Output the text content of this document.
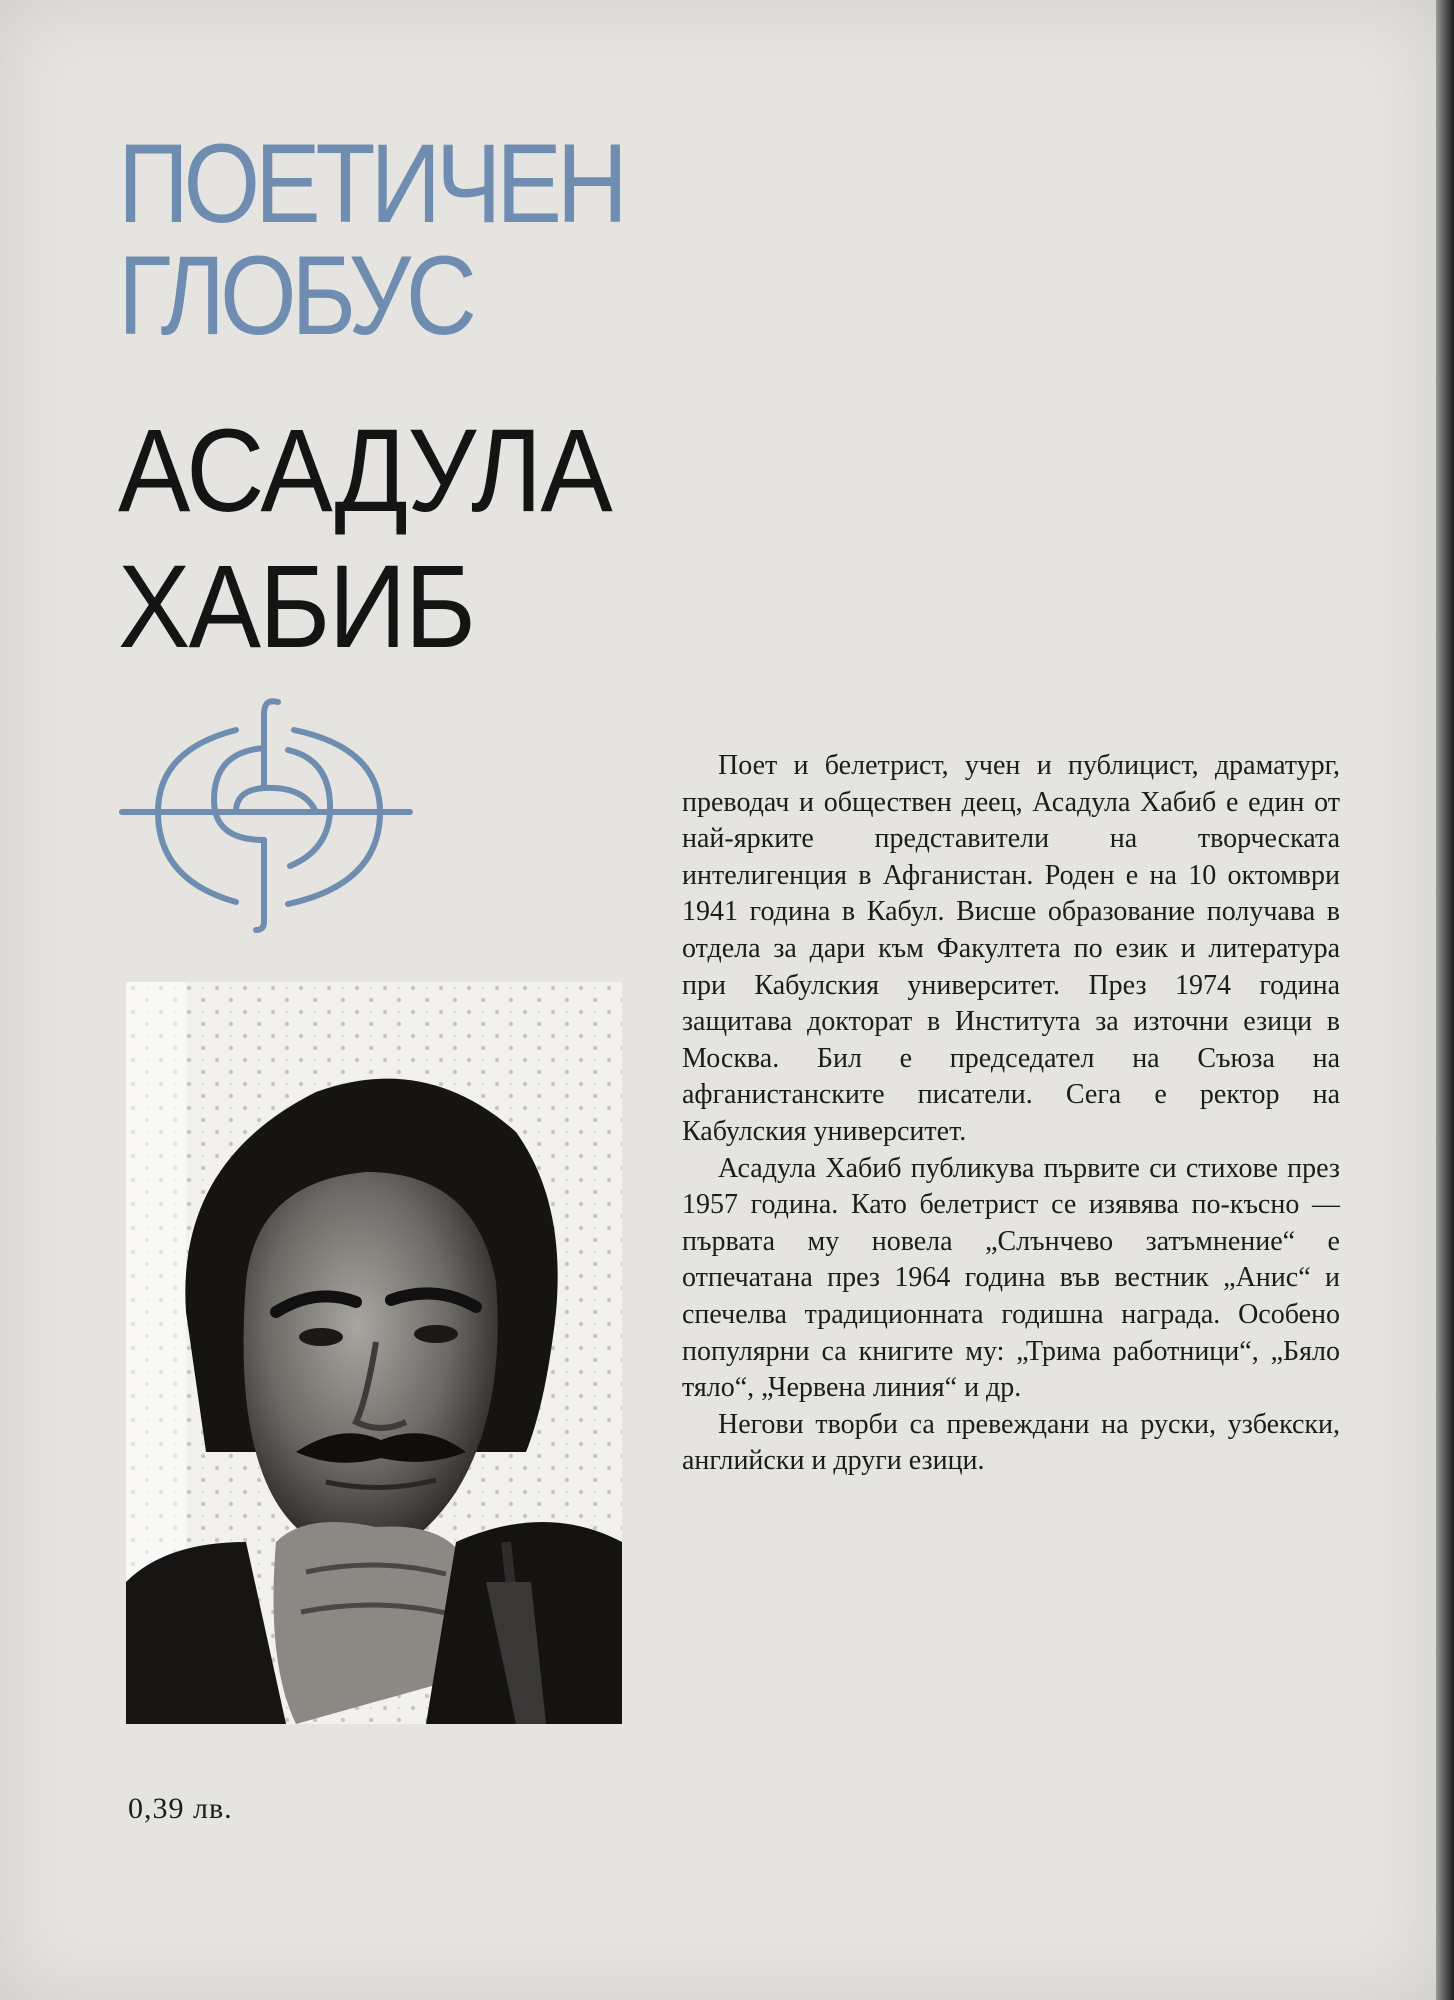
ПОЕТИЧЕН
ГЛОБУС
АСАДУЛА
ХАБИБ

Поет и белетрист, учен и публицист, драматург, преводач и обществен деец, Асадула Хабиб е един от най-ярките представители на творческата интелигенция в Афганистан. Роден е на 10 октомври 1941 година в Кабул. Висше образование получава в отдела за дари към Факултета по език и литература при Кабулския университет. През 1974 година защитава докторат в Института за източни езици в Москва. Бил е председател на Съюза на афганистанските писатели. Сега е ректор на Кабулския университет.

Асадула Хабиб публикува първите си стихове през 1957 година. Като белетрист се изявява по-късно — първата му новела „Слънчево затъмнение“ е отпечатана през 1964 година във вестник „Анис“ и спечелва традиционната годишна награда. Особено популярни са книгите му: „Трима работници“, „Бяло тяло“, „Червена линия“ и др.

Негови творби са превеждани на руски, узбекски, английски и други езици.

0,39 лв.
